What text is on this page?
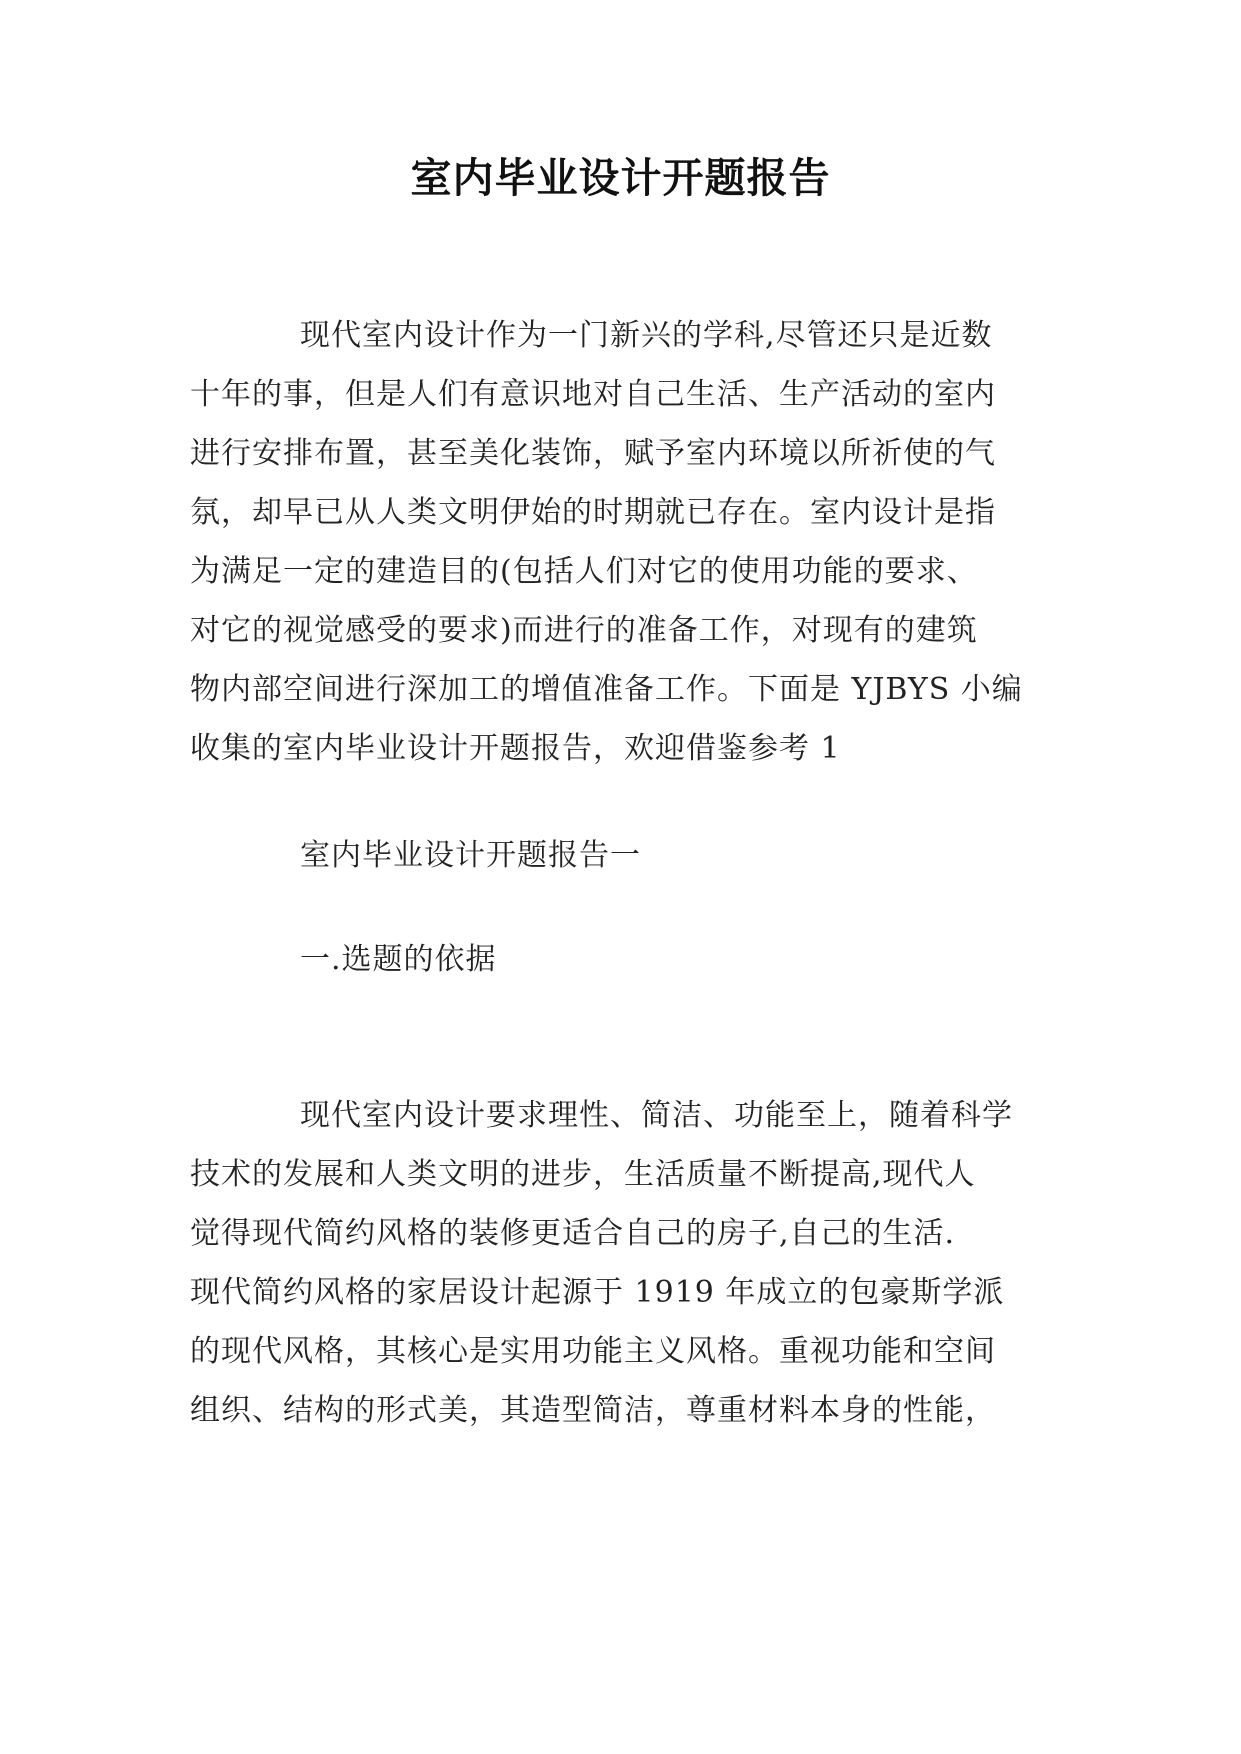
室内毕业设计开题报告
现代室内设计作为一门新兴的学科,尽管还只是近数
十年的事，但是人们有意识地对自己生活、生产活动的室内
进行安排布置，甚至美化装饰，赋予室内环境以所祈使的气
氛，却早已从人类文明伊始的时期就已存在。室内设计是指
为满足一定的建造目的(包括人们对它的使用功能的要求、
对它的视觉感受的要求)而进行的准备工作，对现有的建筑
物内部空间进行深加工的增值准备工作。下面是 YJBYS 小编
收集的室内毕业设计开题报告，欢迎借鉴参考 1
室内毕业设计开题报告一
一.选题的依据
现代室内设计要求理性、简洁、功能至上，随着科学
技术的发展和人类文明的进步，生活质量不断提高,现代人
觉得现代简约风格的装修更适合自己的房子,自己的生活.
现代简约风格的家居设计起源于 1919 年成立的包豪斯学派
的现代风格，其核心是实用功能主义风格。重视功能和空间
组织、结构的形式美，其造型简洁，尊重材料本身的性能，
